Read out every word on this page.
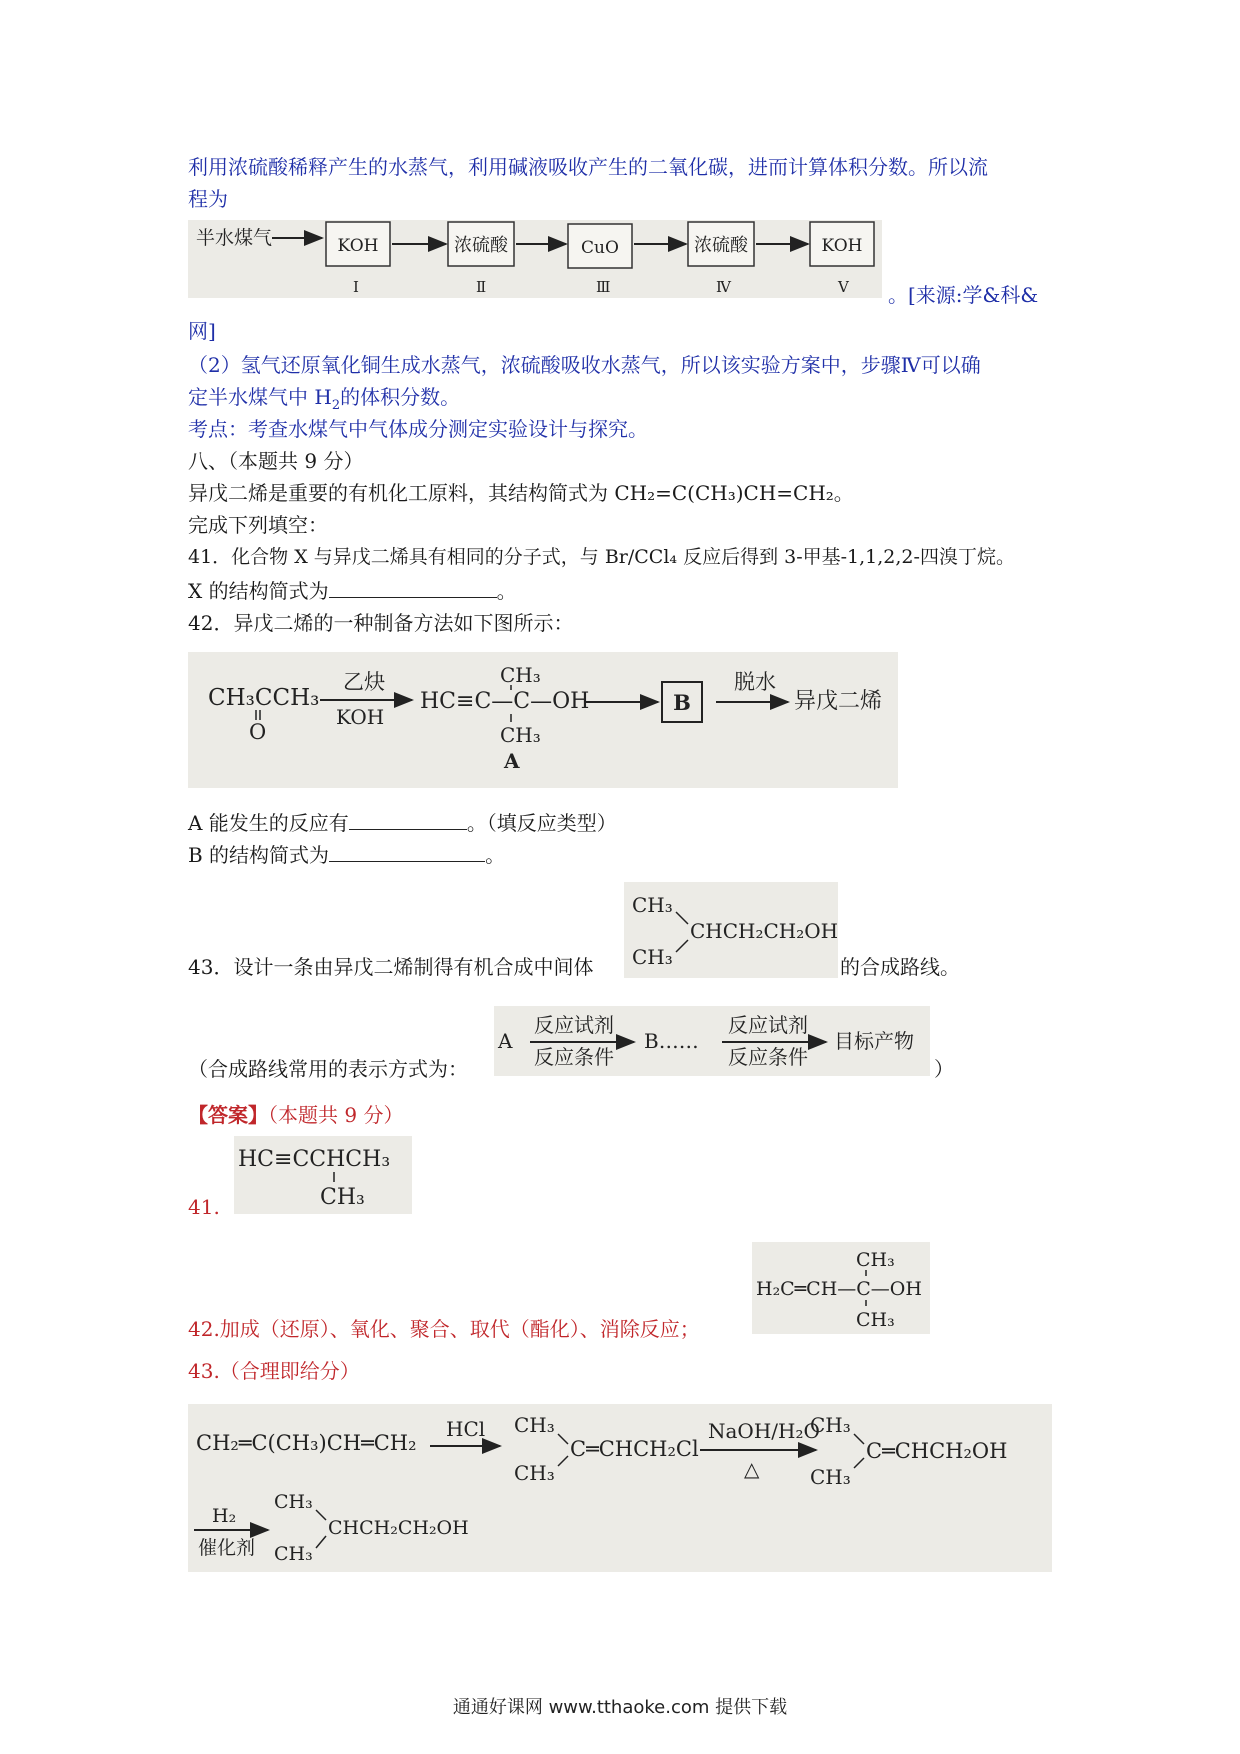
利用浓硫酸稀释产生的水蒸气，利用碱液吸收产生的二氧化碳，进而计算体积分数。所以流
程为
半水煤气	KOH	浓硫酸	CuO	浓硫酸	KOH
Ⅰ	Ⅱ	Ⅲ	Ⅳ	Ⅴ 。[来源:学&科&
网]
（2）氢气还原氧化铜生成水蒸气，浓硫酸吸收水蒸气，所以该实验方案中，步骤Ⅳ可以确
定半水煤气中 $H_2$的体积分数。
考点：考查水煤气中气体成分测定实验设计与探究。
八、（本题共 9 分）
异戊二烯是重要的有机化工原料，其结构简式为 CH₂=C(CH₃)CH=CH₂。
完成下列填空：
41．化合物 X 与异戊二烯具有相同的分子式，与 Br/CCl₄ 反应后得到 3-甲基-1,1,2,2-四溴丁烷。
X 的结构简式为	。
42．异戊二烯的一种制备方法如下图所示：
CH₃CCH₃
O
乙炔
KOH
HC≡C—C—OH
CH₃
CH₃
A
B
脱水
异戊二烯
A 能发生的反应有	。（填反应类型）
B 的结构简式为	。
CH₃
CHCH₂CH₂OH
CH₃
43．设计一条由异戊二烯制得有机合成中间体	的合成路线。
A
反应试剂
反应条件
B……
反应试剂
反应条件
目标产物
（合成路线常用的表示方式为：	）
【答案】（本题共 9 分）
HC≡CCHCH₃
CH₃
41.
CH₃
H₂C═CH—C—OH
CH₃
42.加成（还原）、氧化、聚合、取代（酯化）、消除反应；
43.（合理即给分）
CH₂═C(CH₃)CH═CH₂
HCl CH₃
C═CHCH₂Cl
CH₃
NaOH/H₂O
△
CH₃
C═CHCH₂OH
CH₃
H₂
催化剂
CH₃
CHCH₂CH₂OH
CH₃
通通好课网 www.tthaoke.com 提供下载
